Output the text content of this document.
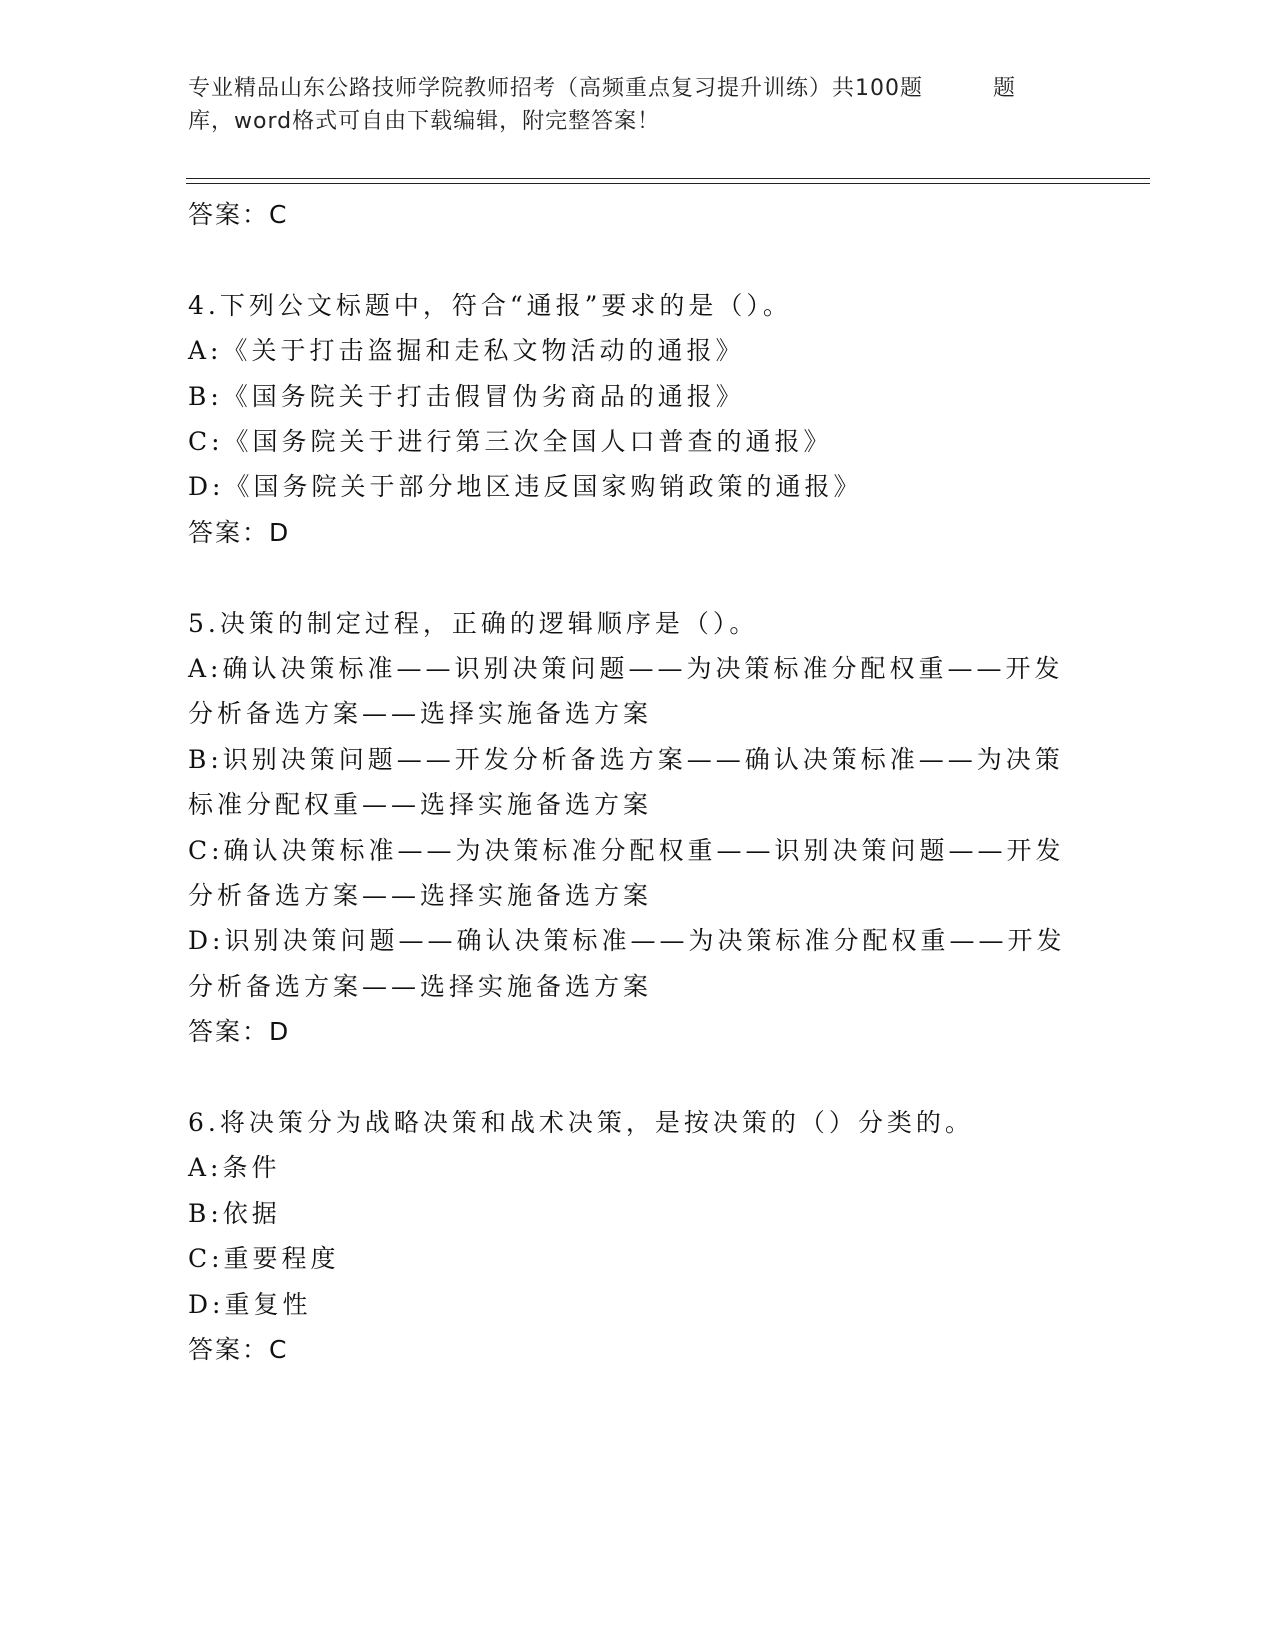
专业精品山东公路技师学院教师招考（高频重点复习提升训练）共100题	题
库，word格式可自由下载编辑，附完整答案！
答案：C
4.下列公文标题中，符合“通报”要求的是（）。
A:《关于打击盗掘和走私文物活动的通报》
B:《国务院关于打击假冒伪劣商品的通报》
C:《国务院关于进行第三次全国人口普查的通报》
D:《国务院关于部分地区违反国家购销政策的通报》
答案：D
5.决策的制定过程，正确的逻辑顺序是（）。
A:确认决策标准——识别决策问题——为决策标准分配权重——开发
分析备选方案——选择实施备选方案
B:识别决策问题——开发分析备选方案——确认决策标准——为决策
标准分配权重——选择实施备选方案
C:确认决策标准——为决策标准分配权重——识别决策问题——开发
分析备选方案——选择实施备选方案
D:识别决策问题——确认决策标准——为决策标准分配权重——开发
分析备选方案——选择实施备选方案
答案：D
6.将决策分为战略决策和战术决策，是按决策的（）分类的。
A:条件
B:依据
C:重要程度
D:重复性
答案：C
